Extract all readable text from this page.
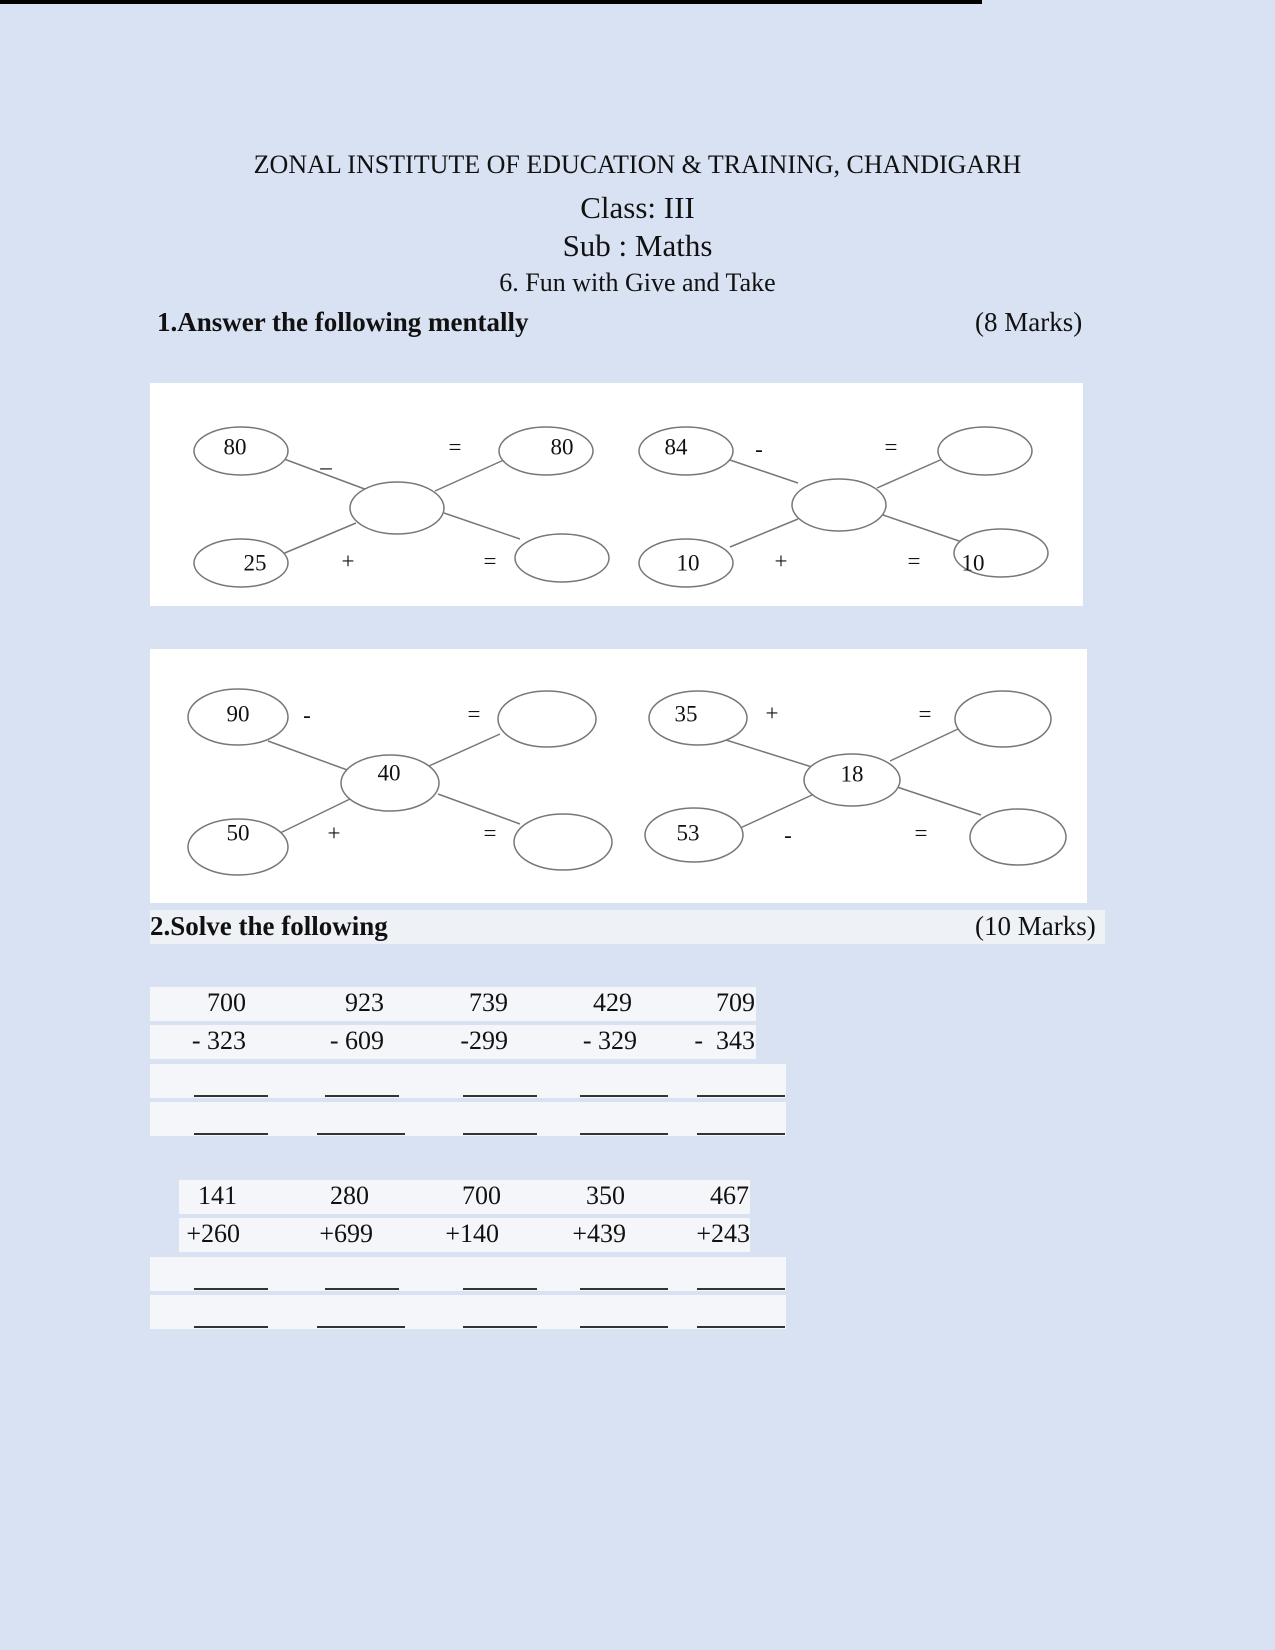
ZONAL INSTITUTE OF EDUCATION & TRAINING, CHANDIGARH
Class: III
Sub : Maths
6. Fun with Give and Take
1.Answer the following mentally	(8 Marks)
80
25
80
_
+
=
=
84
10	10
-
+
=
=
90
50
40
-
+
=
=
35
53
18
+
-
=
=
2.Solve the following	(10 Marks)
700	923	739	429	709
- 323	- 609	-299	- 329	-  343
141	280	700	350	467
+260	+699	+140	+439	+243
